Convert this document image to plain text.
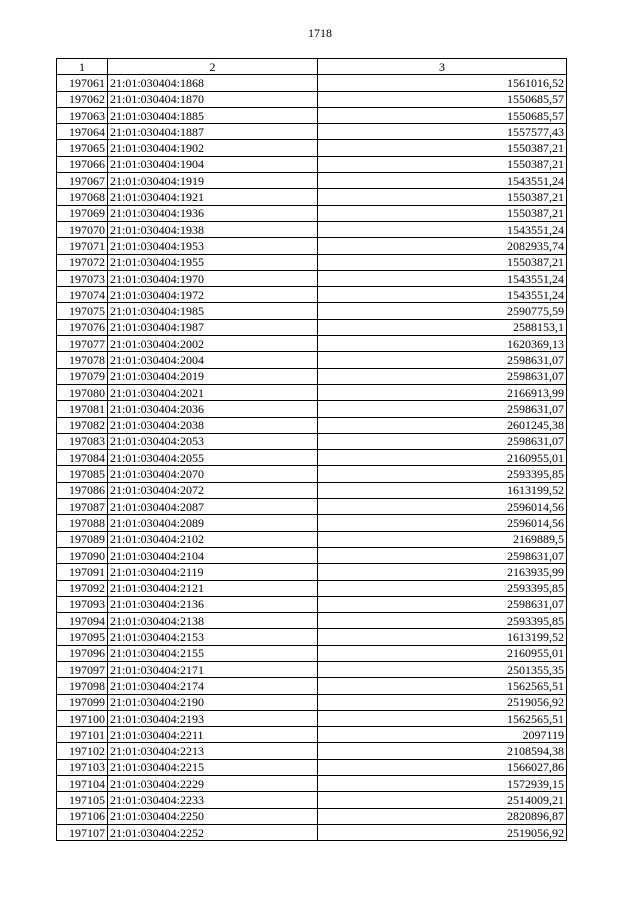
1718
1	2	3
197061	21:01:030404:1868	1561016,52
197062	21:01:030404:1870	1550685,57
197063	21:01:030404:1885	1550685,57
197064	21:01:030404:1887	1557577,43
197065	21:01:030404:1902	1550387,21
197066	21:01:030404:1904	1550387,21
197067	21:01:030404:1919	1543551,24
197068	21:01:030404:1921	1550387,21
197069	21:01:030404:1936	1550387,21
197070	21:01:030404:1938	1543551,24
197071	21:01:030404:1953	2082935,74
197072	21:01:030404:1955	1550387,21
197073	21:01:030404:1970	1543551,24
197074	21:01:030404:1972	1543551,24
197075	21:01:030404:1985	2590775,59
197076	21:01:030404:1987	2588153,1
197077	21:01:030404:2002	1620369,13
197078	21:01:030404:2004	2598631,07
197079	21:01:030404:2019	2598631,07
197080	21:01:030404:2021	2166913,99
197081	21:01:030404:2036	2598631,07
197082	21:01:030404:2038	2601245,38
197083	21:01:030404:2053	2598631,07
197084	21:01:030404:2055	2160955,01
197085	21:01:030404:2070	2593395,85
197086	21:01:030404:2072	1613199,52
197087	21:01:030404:2087	2596014,56
197088	21:01:030404:2089	2596014,56
197089	21:01:030404:2102	2169889,5
197090	21:01:030404:2104	2598631,07
197091	21:01:030404:2119	2163935,99
197092	21:01:030404:2121	2593395,85
197093	21:01:030404:2136	2598631,07
197094	21:01:030404:2138	2593395,85
197095	21:01:030404:2153	1613199,52
197096	21:01:030404:2155	2160955,01
197097	21:01:030404:2171	2501355,35
197098	21:01:030404:2174	1562565,51
197099	21:01:030404:2190	2519056,92
197100	21:01:030404:2193	1562565,51
197101	21:01:030404:2211	2097119
197102	21:01:030404:2213	2108594,38
197103	21:01:030404:2215	1566027,86
197104	21:01:030404:2229	1572939,15
197105	21:01:030404:2233	2514009,21
197106	21:01:030404:2250	2820896,87
197107	21:01:030404:2252	2519056,92
